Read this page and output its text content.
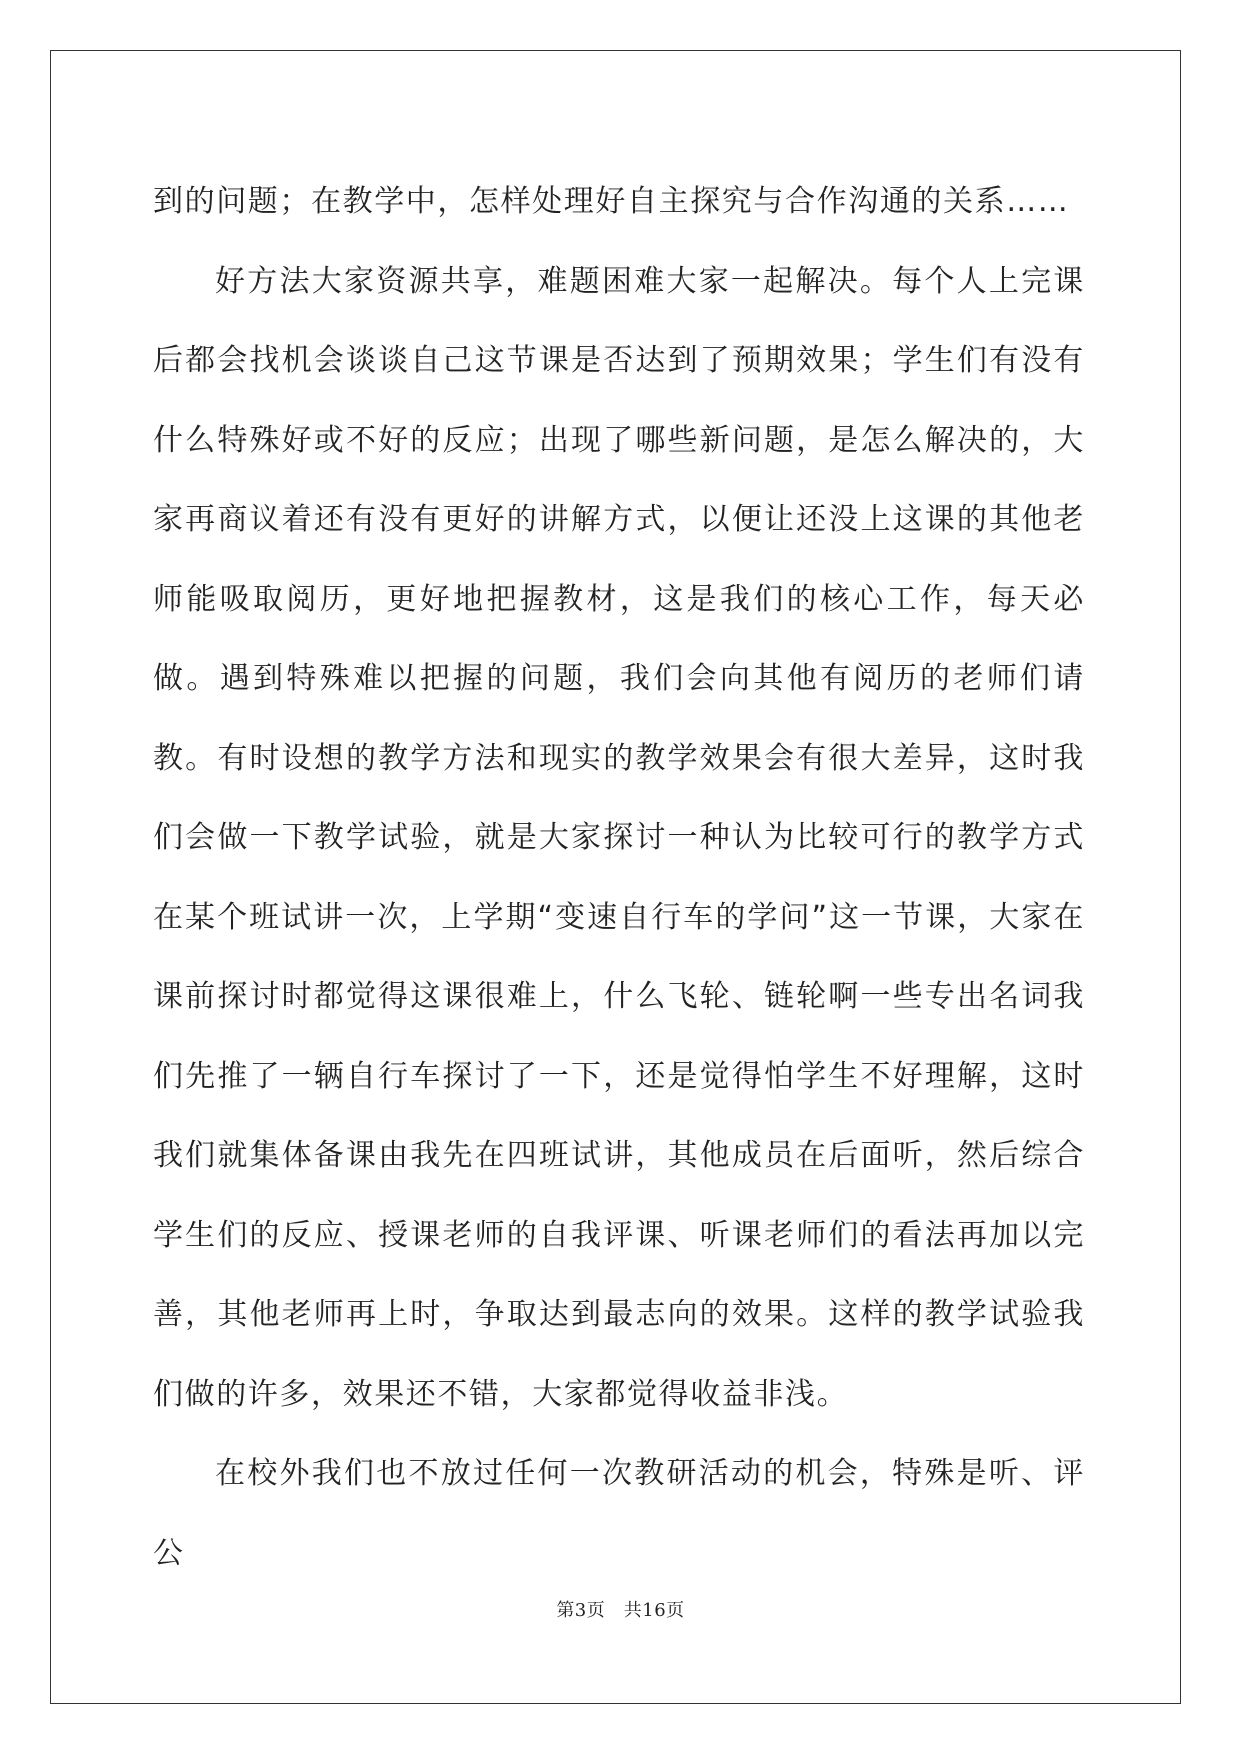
到的问题；在教学中，怎样处理好自主探究与合作沟通的关系……

好方法大家资源共享，难题困难大家一起解决。每个人上完课后都会找机会谈谈自己这节课是否达到了预期效果；学生们有没有什么特殊好或不好的反应；出现了哪些新问题，是怎么解决的，大家再商议着还有没有更好的讲解方式，以便让还没上这课的其他老师能吸取阅历，更好地把握教材，这是我们的核心工作，每天必做。遇到特殊难以把握的问题，我们会向其他有阅历的老师们请教。有时设想的教学方法和现实的教学效果会有很大差异，这时我们会做一下教学试验，就是大家探讨一种认为比较可行的教学方式在某个班试讲一次，上学期“变速自行车的学问”这一节课，大家在课前探讨时都觉得这课很难上，什么飞轮、链轮啊一些专出名词我们先推了一辆自行车探讨了一下，还是觉得怕学生不好理解，这时我们就集体备课由我先在四班试讲，其他成员在后面听，然后综合学生们的反应、授课老师的自我评课、听课老师们的看法再加以完善，其他老师再上时，争取达到最志向的效果。这样的教学试验我们做的许多，效果还不错，大家都觉得收益非浅。

在校外我们也不放过任何一次教研活动的机会，特殊是听、评公

第3页　共16页
